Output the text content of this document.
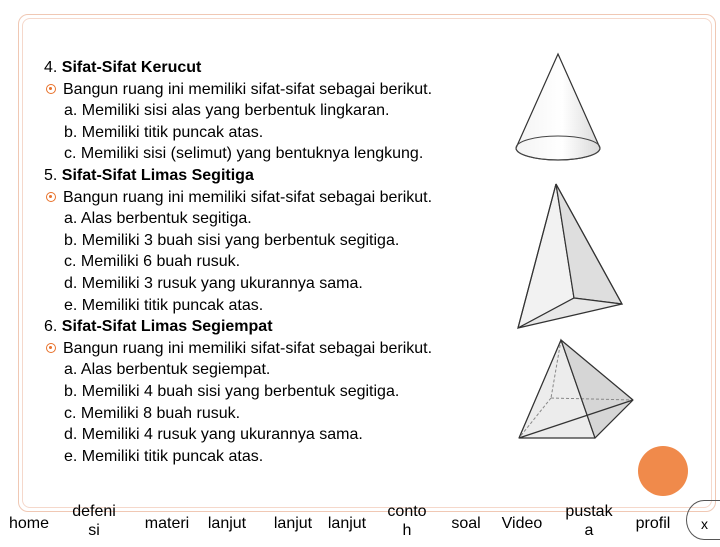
4. Sifat-Sifat Kerucut
Bangun ruang ini memiliki sifat-sifat sebagai berikut.
a. Memiliki sisi alas yang berbentuk lingkaran.
b. Memiliki titik puncak atas.
c. Memiliki sisi (selimut) yang bentuknya lengkung.
5. Sifat-Sifat Limas Segitiga
Bangun ruang ini memiliki sifat-sifat sebagai berikut.
a. Alas berbentuk segitiga.
b. Memiliki 3 buah sisi yang berbentuk segitiga.
c. Memiliki 6 buah rusuk.
d. Memiliki 3 rusuk yang ukurannya sama.
e. Memiliki titik puncak atas.
6. Sifat-Sifat Limas Segiempat
Bangun ruang ini memiliki sifat-sifat sebagai berikut.
a. Alas berbentuk segiempat.
b. Memiliki 4 buah sisi yang berbentuk segitiga.
c. Memiliki 8 buah rusuk.
d. Memiliki 4 rusuk yang ukurannya sama.
e. Memiliki titik puncak atas.
home
defeni
si	materi	lanjut	lanjut lanjut
conto
h	soal	Video
pustak
a	profil	x
